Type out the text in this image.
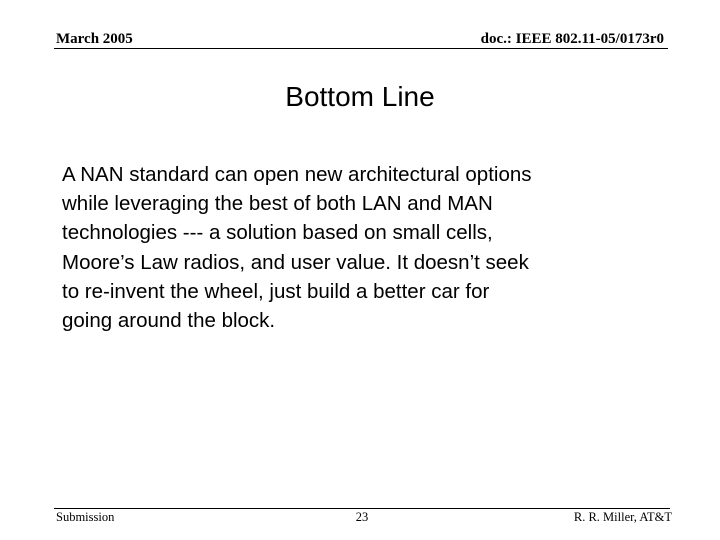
March 2005	doc.: IEEE 802.11-05/0173r0
Bottom Line

A NAN standard can open new architectural options
while leveraging the best of both LAN and MAN
technologies --- a solution based on small cells,
Moore’s Law radios, and user value. It doesn’t seek
to re-invent the wheel, just build a better car for
going around the block.

Submission	23	R. R. Miller, AT&T
